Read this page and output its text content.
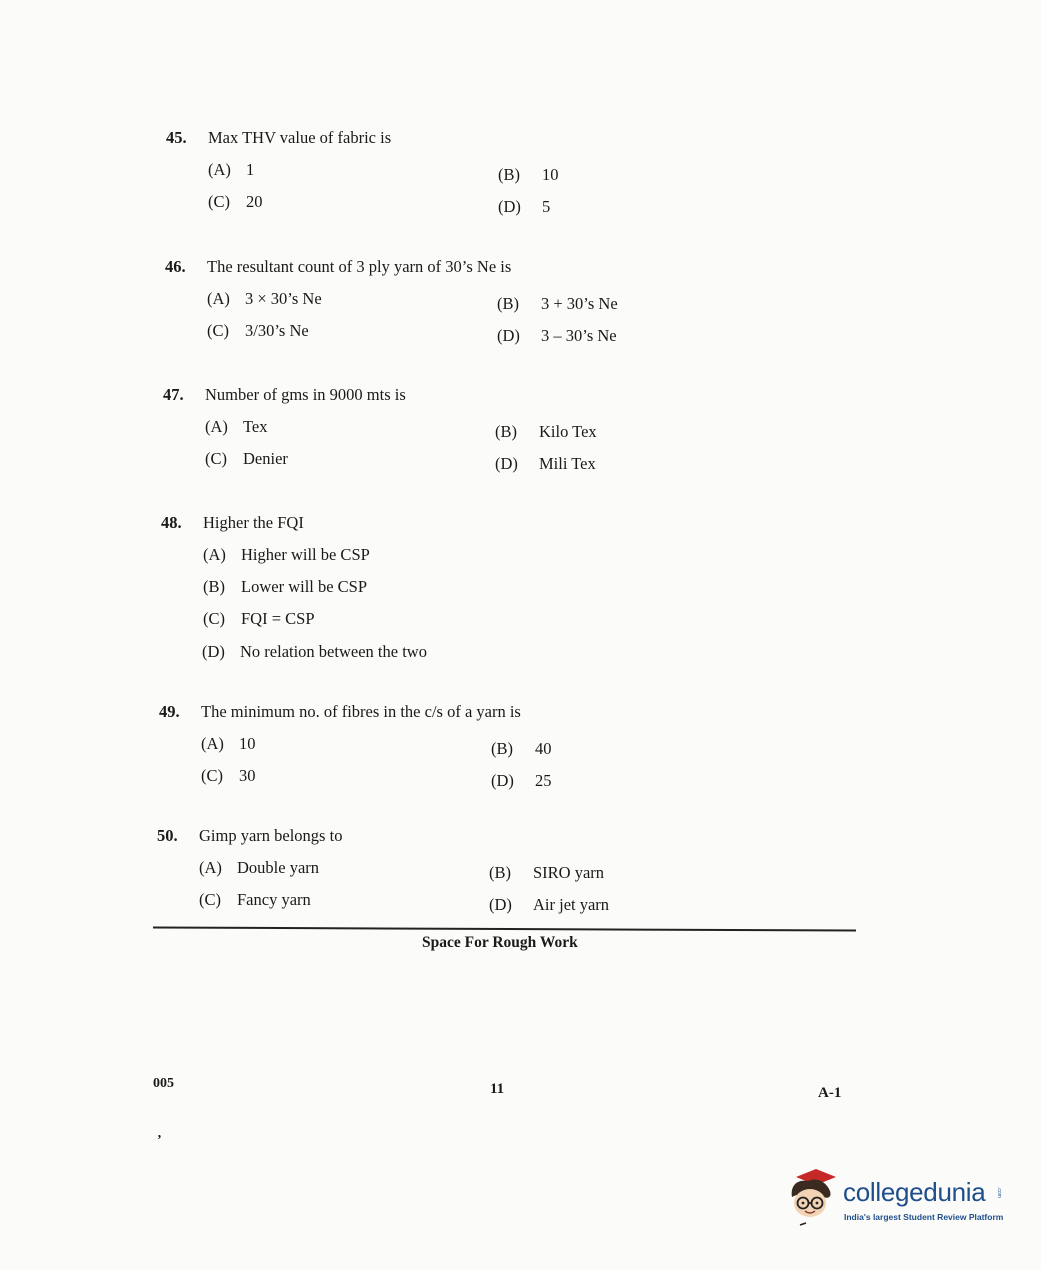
45. Max THV value of fabric is
(A) 1	(B) 10
(C) 20	(D) 5
46. The resultant count of 3 ply yarn of 30’s Ne is
(A) 3 × 30’s Ne	(B) 3 + 30’s Ne
(C) 3/30’s Ne	(D) 3 – 30’s Ne
47. Number of gms in 9000 mts is
(A) Tex	(B) Kilo Tex
(C) Denier	(D) Mili Tex
48. Higher the FQI
(A) Higher will be CSP
(B) Lower will be CSP
(C) FQI = CSP
(D) No relation between the two
49. The minimum no. of fibres in the c/s of a yarn is
(A) 10	(B) 40
(C) 30	(D) 25
50. Gimp yarn belongs to
(A) Double yarn	(B) SIRO yarn
(C) Fancy yarn	(D) Air jet yarn
Space For Rough Work
005	11	A-1
’
collegedunia .com
India's largest Student Review Platform
